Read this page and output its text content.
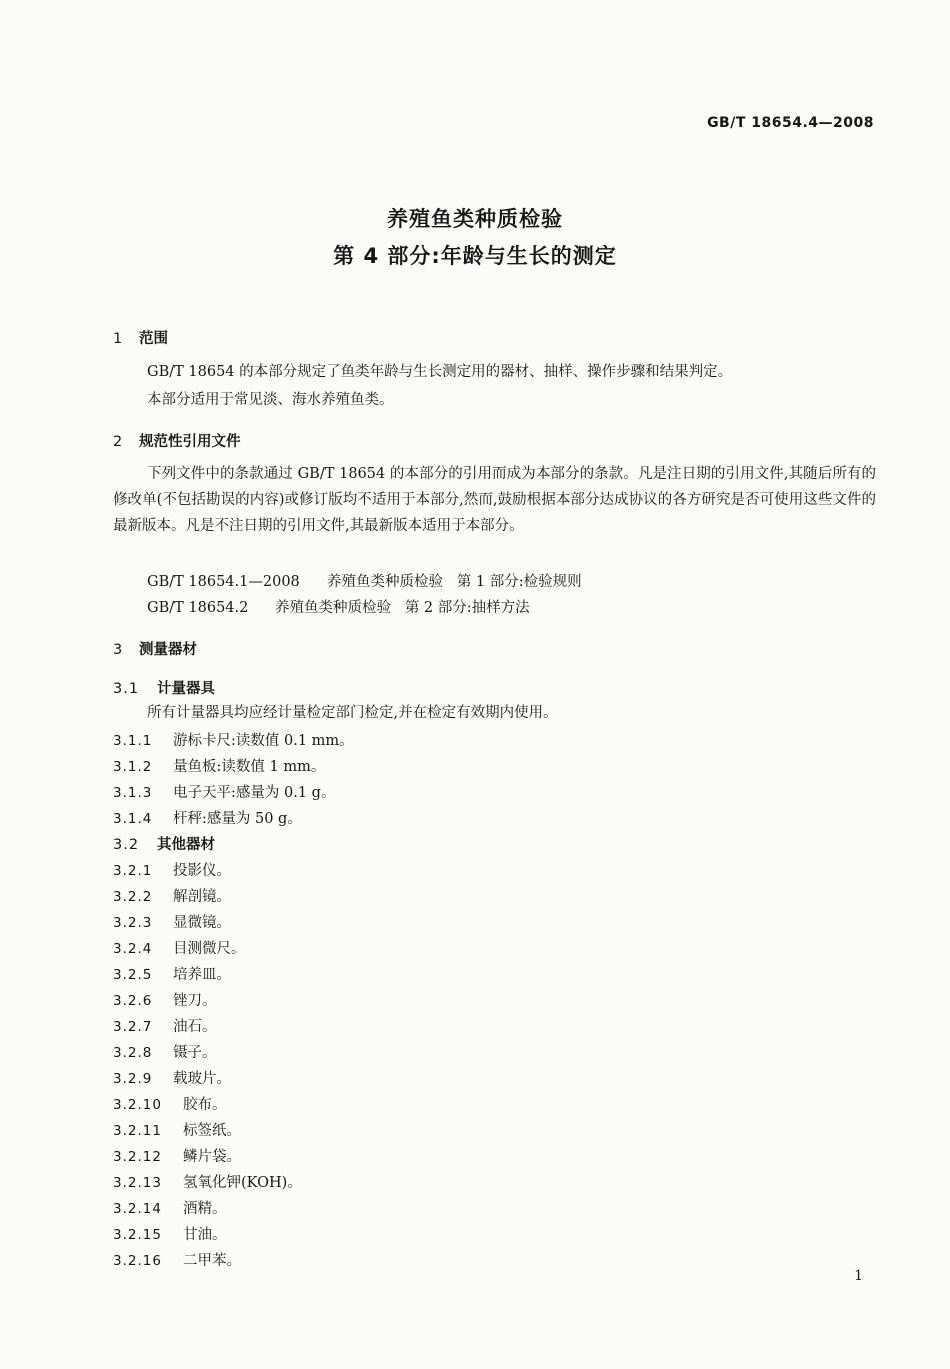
GB/T 18654.4—2008
养殖鱼类种质检验
第 4 部分:年龄与生长的测定
1 范围
GB/T 18654 的本部分规定了鱼类年龄与生长测定用的器材、抽样、操作步骤和结果判定。
本部分适用于常见淡、海水养殖鱼类。
2 规范性引用文件
下列文件中的条款通过 GB/T 18654 的本部分的引用而成为本部分的条款。凡是注日期的引用文件,其随后所有的修改单(不包括勘误的内容)或修订版均不适用于本部分,然而,鼓励根据本部分达成协议的各方研究是否可使用这些文件的最新版本。凡是不注日期的引用文件,其最新版本适用于本部分。
GB/T 18654.1—2008 养殖鱼类种质检验 第 1 部分:检验规则
GB/T 18654.2 养殖鱼类种质检验 第 2 部分:抽样方法
3 测量器材
3.1 计量器具
所有计量器具均应经计量检定部门检定,并在检定有效期内使用。
3.1.1 游标卡尺:读数值 0.1 mm。
3.1.2 量鱼板:读数值 1 mm。
3.1.3 电子天平:感量为 0.1 g。
3.1.4 杆秤:感量为 50 g。
3.2 其他器材
3.2.1 投影仪。
3.2.2 解剖镜。
3.2.3 显微镜。
3.2.4 目测微尺。
3.2.5 培养皿。
3.2.6 锉刀。
3.2.7 油石。
3.2.8 镊子。
3.2.9 载玻片。
3.2.10 胶布。
3.2.11 标签纸。
3.2.12 鳞片袋。
3.2.13 氢氧化钾(KOH)。
3.2.14 酒精。
3.2.15 甘油。
3.2.16 二甲苯。
1
